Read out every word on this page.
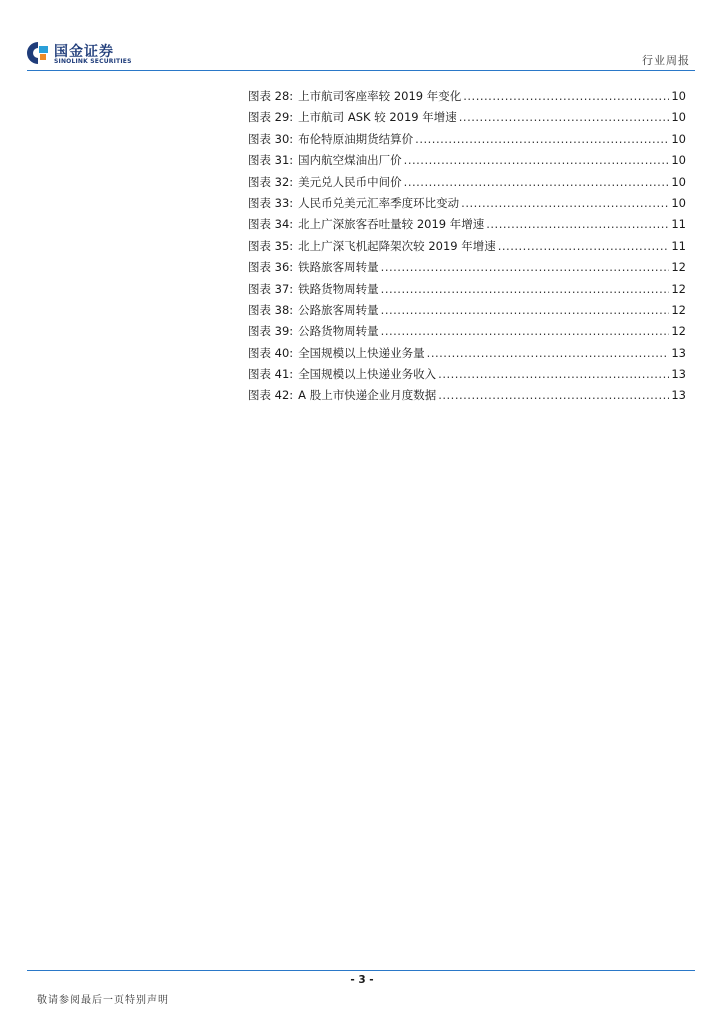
国金证券
SINOLINK SECURITIES	行业周报
图表 28: 上市航司客座率较 2019 年变化 .....	10
图表 29: 上市航司 ASK 较 2019 年增速 .....	10
图表 30: 布伦特原油期货结算价 .....	10
图表 31: 国内航空煤油出厂价 .....	10
图表 32: 美元兑人民币中间价 .....	10
图表 33: 人民币兑美元汇率季度环比变动 .....	10
图表 34: 北上广深旅客吞吐量较 2019 年增速 .....	11
图表 35: 北上广深飞机起降架次较 2019 年增速 .....	11
图表 36: 铁路旅客周转量 .....	12
图表 37: 铁路货物周转量 .....	12
图表 38: 公路旅客周转量 .....	12
图表 39: 公路货物周转量 .....	12
图表 40: 全国规模以上快递业务量 .....	13
图表 41: 全国规模以上快递业务收入 .....	13
图表 42: A 股上市快递企业月度数据 .....	13
- 3 -
敬请参阅最后一页特别声明
